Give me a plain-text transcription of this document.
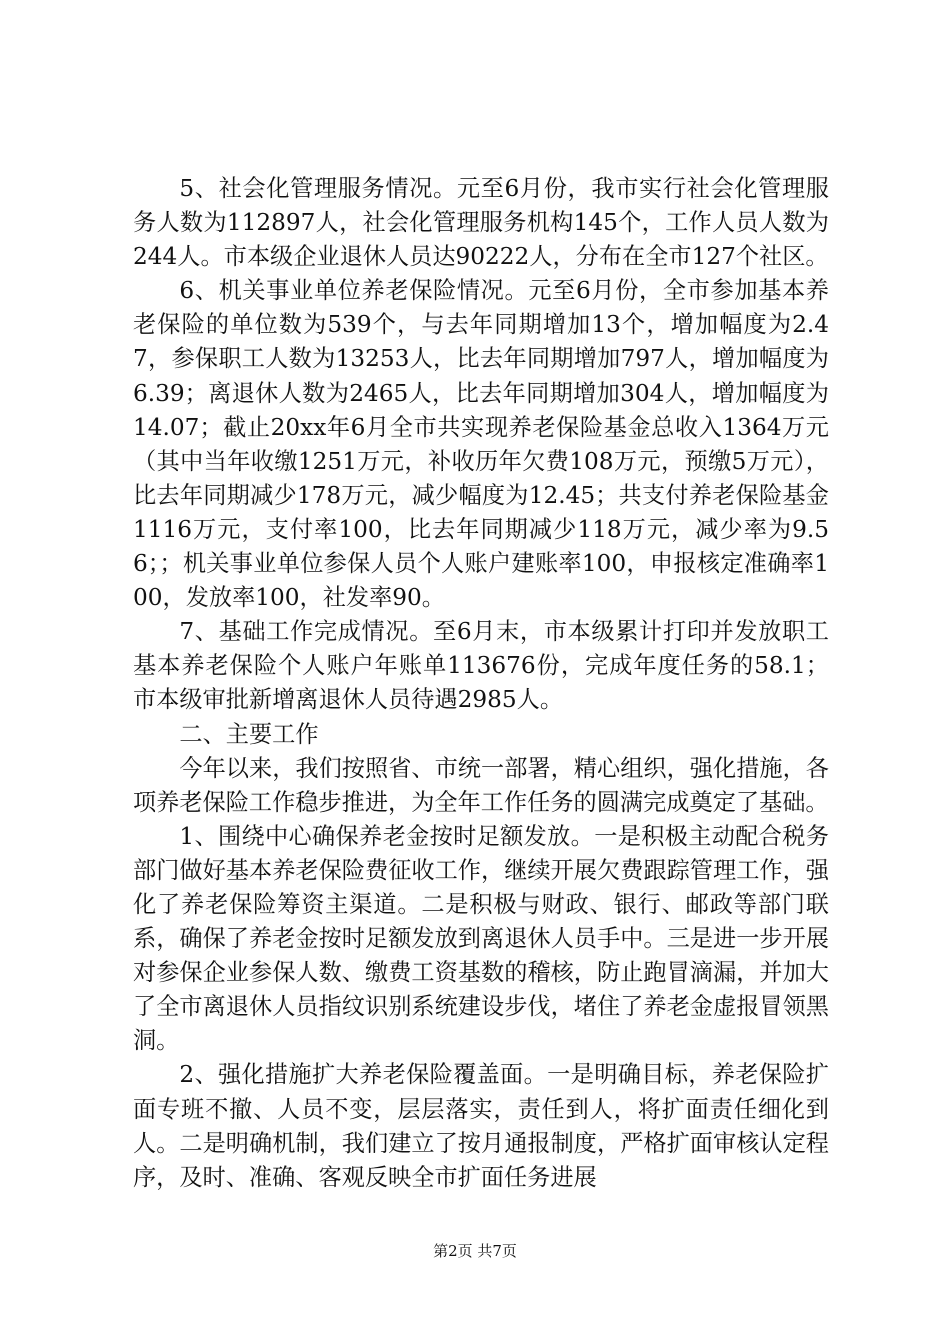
5、社会化管理服务情况。元至6月份，我市实行社会化管理服务人数为112897人，社会化管理服务机构145个，工作人员人数为244人。市本级企业退休人员达90222人，分布在全市127个社区。

6、机关事业单位养老保险情况。元至6月份，全市参加基本养老保险的单位数为539个，与去年同期增加13个，增加幅度为2.47，参保职工人数为13253人，比去年同期增加797人，增加幅度为6.39；离退休人数为2465人，比去年同期增加304人，增加幅度为14.07；截止20xx年6月全市共实现养老保险基金总收入1364万元（其中当年收缴1251万元，补收历年欠费108万元，预缴5万元），比去年同期减少178万元，减少幅度为12.45；共支付养老保险基金1116万元，支付率100，比去年同期减少118万元，减少率为9.56；；机关事业单位参保人员个人账户建账率100，申报核定准确率100，发放率100，社发率90。

7、基础工作完成情况。至6月末，市本级累计打印并发放职工基本养老保险个人账户年账单113676份，完成年度任务的58.1；市本级审批新增离退休人员待遇2985人。

二、主要工作

今年以来，我们按照省、市统一部署，精心组织，强化措施，各项养老保险工作稳步推进，为全年工作任务的圆满完成奠定了基础。

1、围绕中心确保养老金按时足额发放。一是积极主动配合税务部门做好基本养老保险费征收工作，继续开展欠费跟踪管理工作，强化了养老保险筹资主渠道。二是积极与财政、银行、邮政等部门联系，确保了养老金按时足额发放到离退休人员手中。三是进一步开展对参保企业参保人数、缴费工资基数的稽核，防止跑冒滴漏，并加大了全市离退休人员指纹识别系统建设步伐，堵住了养老金虚报冒领黑洞。

2、强化措施扩大养老保险覆盖面。一是明确目标，养老保险扩面专班不撤、人员不变，层层落实，责任到人，将扩面责任细化到人。二是明确机制，我们建立了按月通报制度，严格扩面审核认定程序，及时、准确、客观反映全市扩面任务进展

第2页 共7页
